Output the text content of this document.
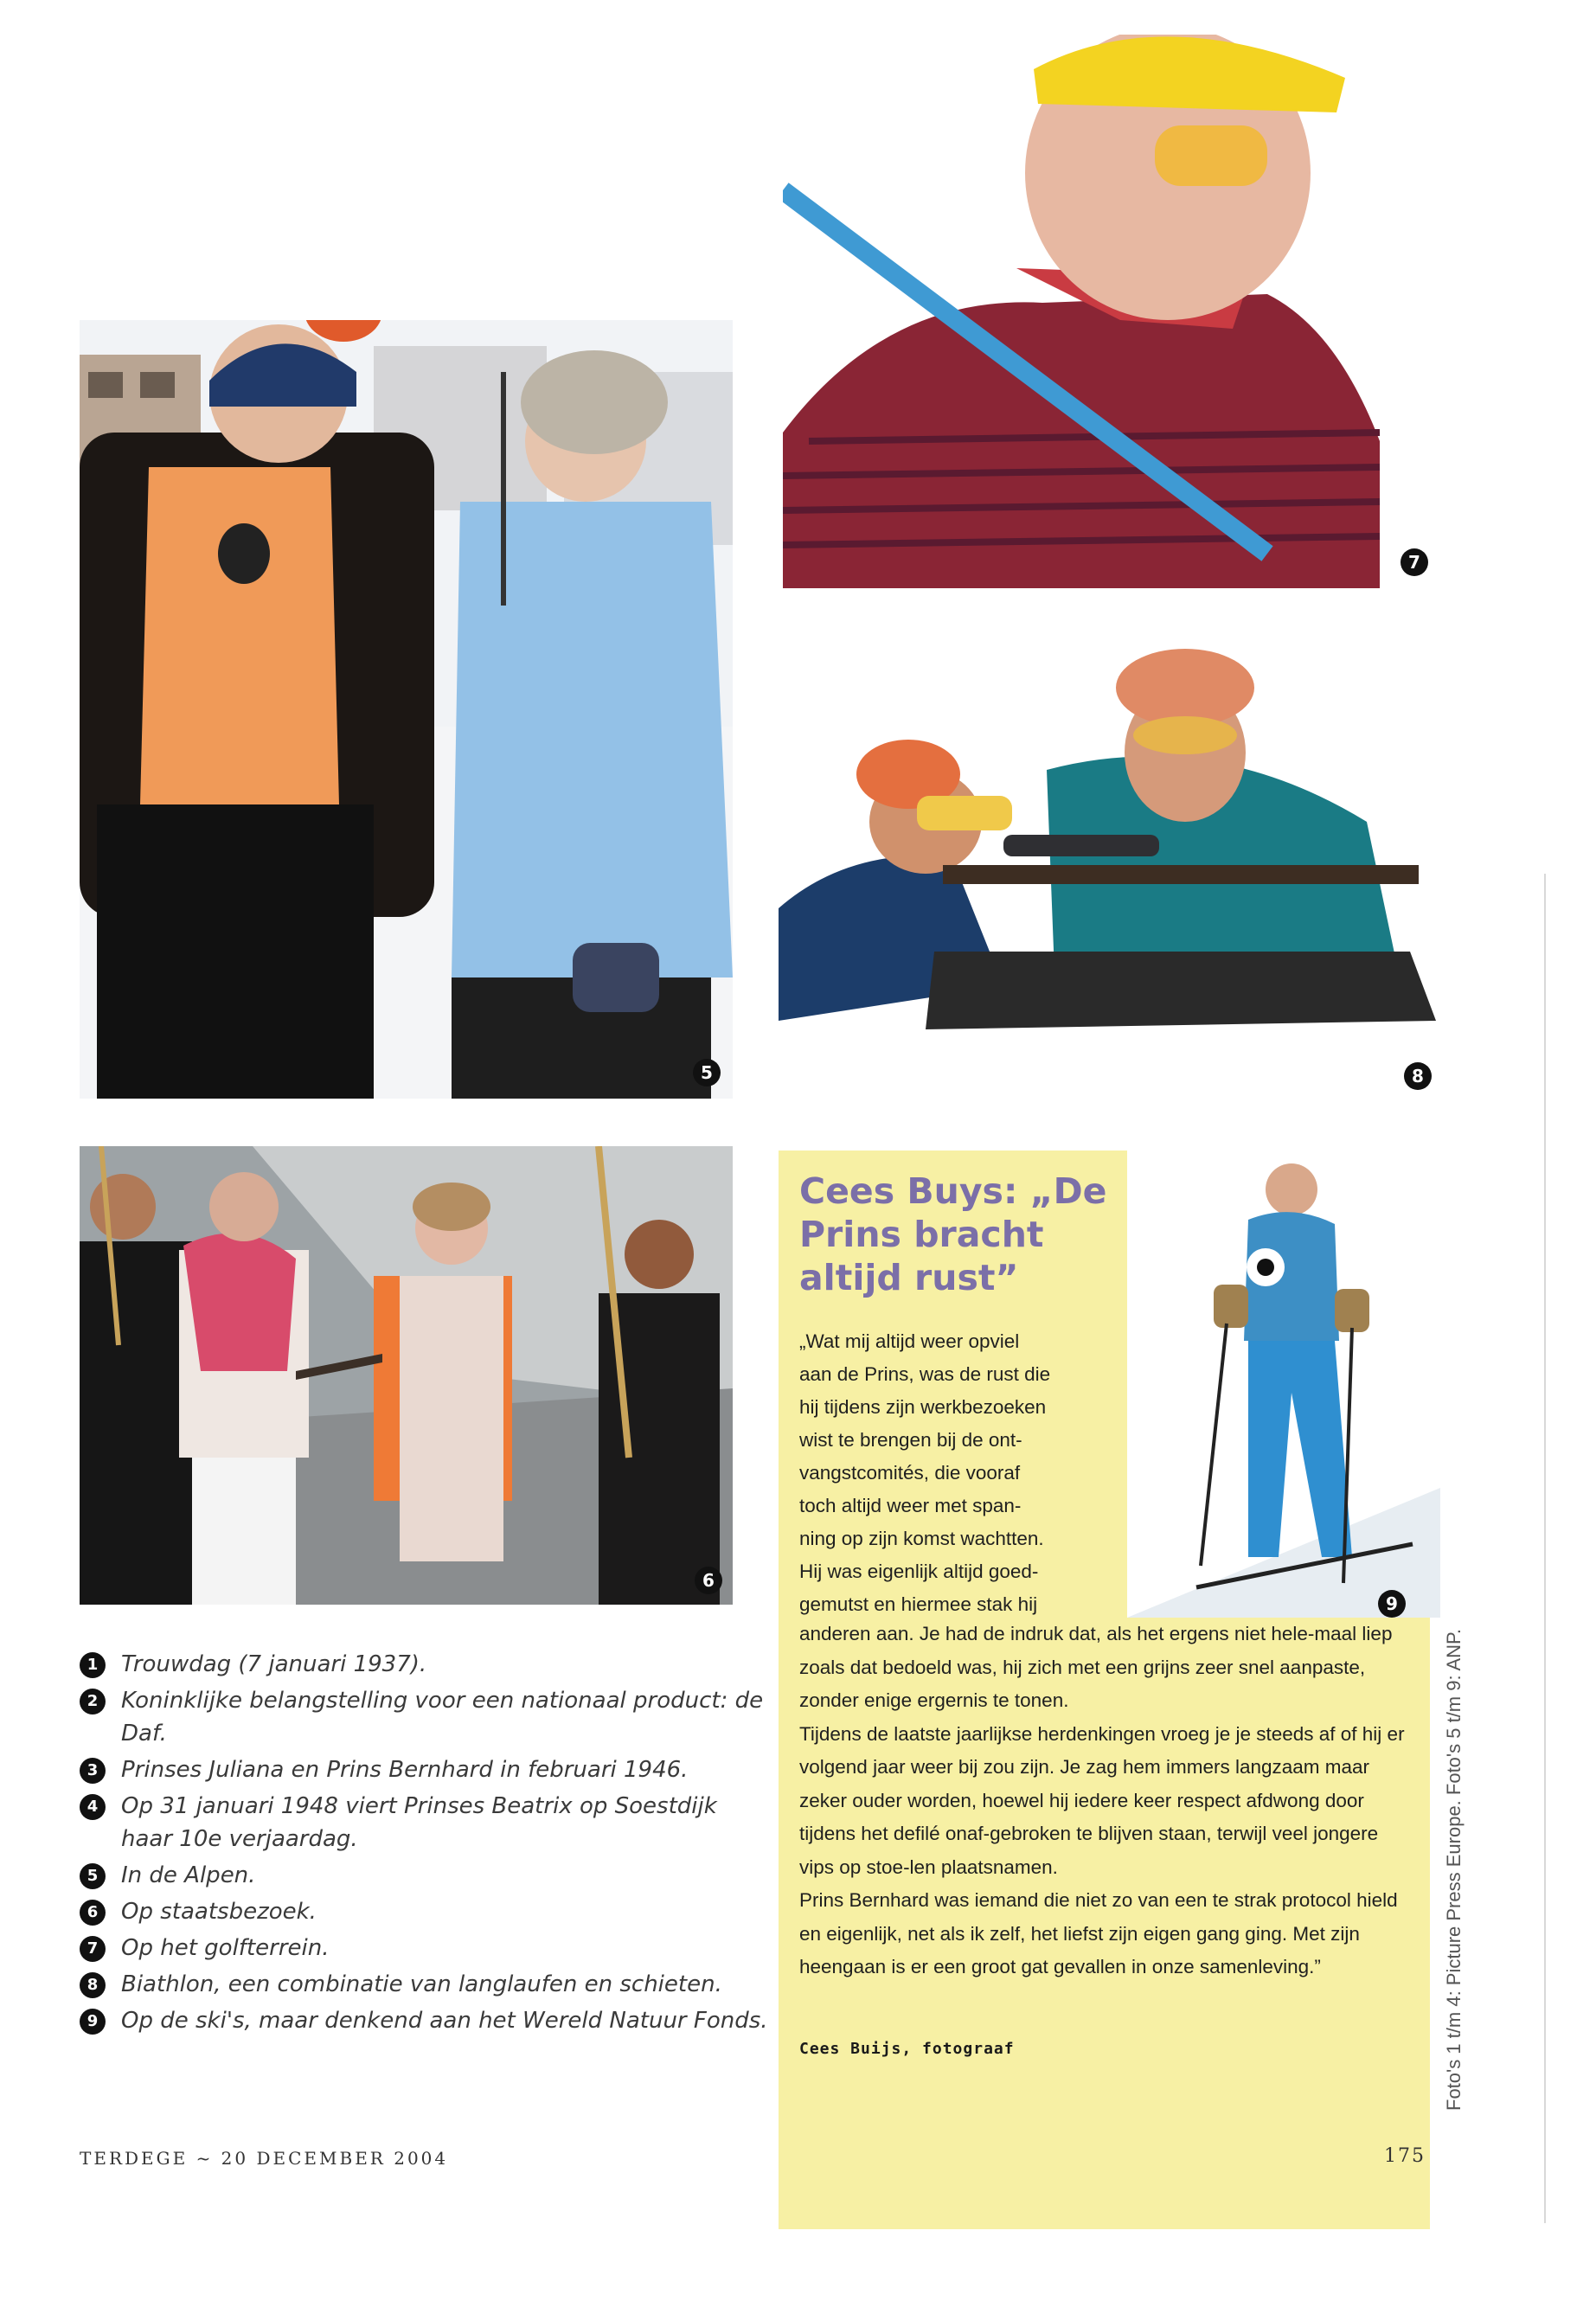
5
7
8
6
9
Cees Buys: „De Prins bracht altijd rust”
„Wat mij altijd weer opviel
aan de Prins, was de rust die
hij tijdens zijn werkbezoeken
wist te brengen bij de ont-
vangstcomités, die vooraf
toch altijd weer met span-
ning op zijn komst wachtten.
Hij was eigenlijk altijd goed-
gemutst en hiermee stak hij

anderen aan. Je had de indruk dat, als het ergens niet hele-maal liep zoals dat bedoeld was, hij zich met een grijns zeer snel aanpaste, zonder enige ergernis te tonen.

Tijdens de laatste jaarlijkse herdenkingen vroeg je je steeds af of hij er volgend jaar weer bij zou zijn. Je zag hem immers langzaam maar zeker ouder worden, hoewel hij iedere keer respect afdwong door tijdens het defilé onaf-gebroken te blijven staan, terwijl veel jongere vips op stoe-len plaatsnamen.

Prins Bernhard was iemand die niet zo van een te strak protocol hield en eigenlijk, net als ik zelf, het liefst zijn eigen gang ging. Met zijn heengaan is er een groot gat gevallen in onze samenleving.”

Cees Buijs, fotograaf
1	Trouwdag (7 januari 1937).
2	Koninklijke belangstelling voor een nationaal product: de Daf.
3	Prinses Juliana en Prins Bernhard in februari 1946.
4	Op 31 januari 1948 viert Prinses Beatrix op Soestdijk haar 10e verjaardag.
5	In de Alpen.
6	Op staatsbezoek.
7	Op het golfterrein.
8	Biathlon, een combinatie van langlaufen en schieten.
9	Op de ski's, maar denkend aan het Wereld Natuur Fonds.
TERDEGE ~ 20 DECEMBER 2004	175
Foto's 1 t/m 4: Picture Press Europe. Foto's 5 t/m 9: ANP.
